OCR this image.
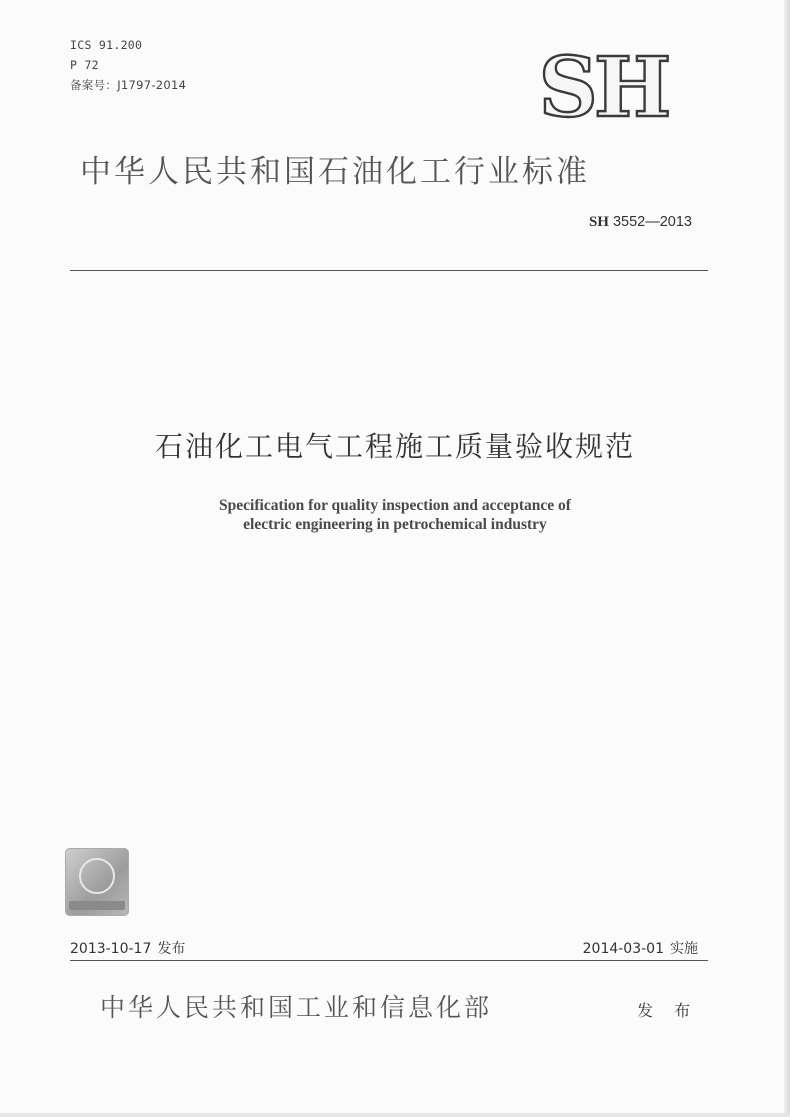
ICS 91.200
P 72
备案号：J1797-2014	SH
中华人民共和国石油化工行业标准
SH 3552—2013
石油化工电气工程施工质量验收规范
Specification for quality inspection and acceptance of
electric engineering in petrochemical industry
2013-10-17 发布	2014-03-01 实施
中华人民共和国工业和信息化部	发 布
